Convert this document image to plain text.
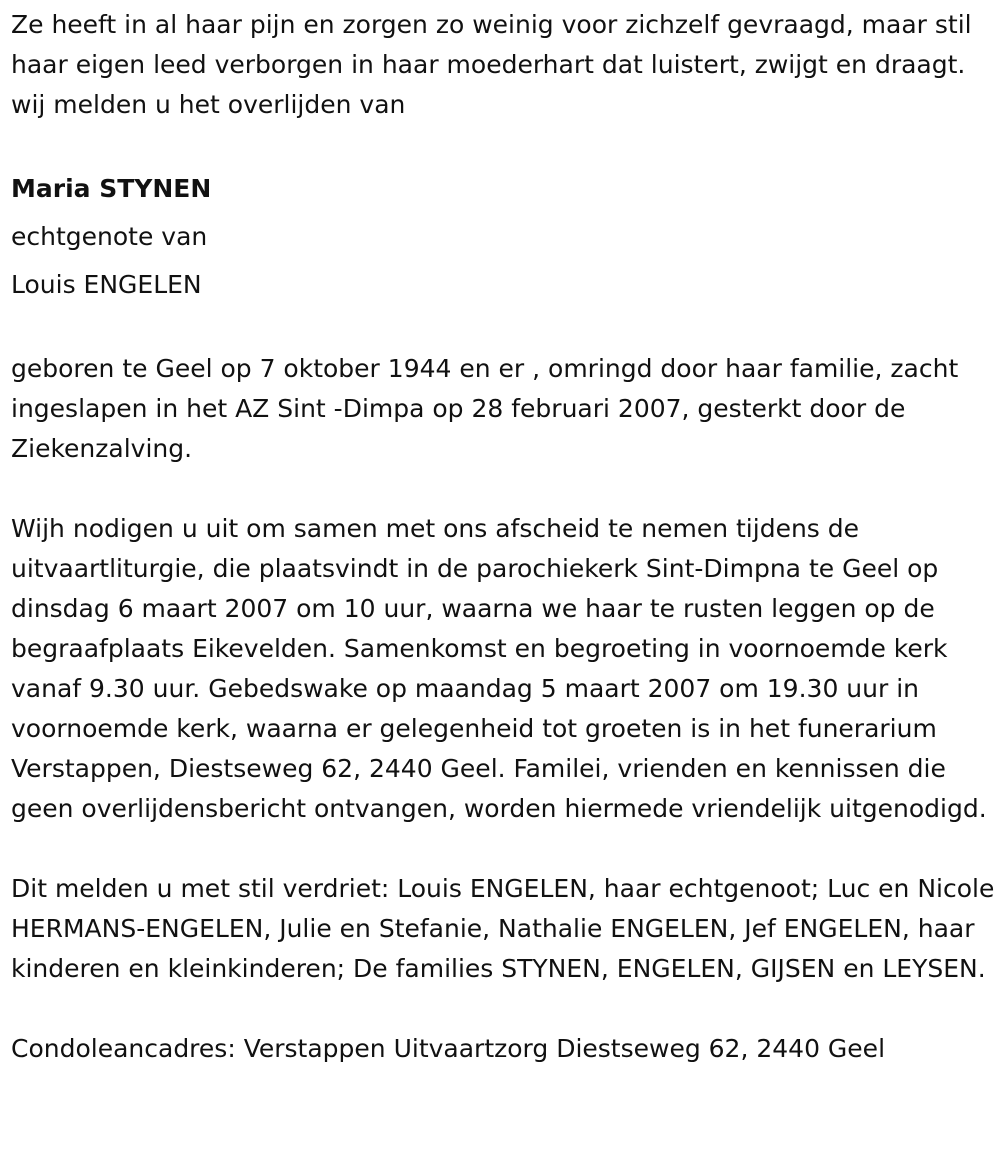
Ze heeft in al haar pijn en zorgen zo weinig voor zichzelf gevraagd, maar stil haar eigen leed verborgen in haar moederhart dat luistert, zwijgt en draagt. wij melden u het overlijden van

Maria STYNEN

echtgenote van

Louis ENGELEN

geboren te Geel op 7 oktober 1944 en er , omringd door haar familie, zacht ingeslapen in het AZ Sint -Dimpa op 28 februari 2007, gesterkt door de Ziekenzalving.

Wijh nodigen u uit om samen met ons afscheid te nemen tijdens de uitvaartliturgie, die plaatsvindt in de parochiekerk Sint-Dimpna te Geel op dinsdag 6 maart 2007 om 10 uur, waarna we haar te rusten leggen op de begraafplaats Eikevelden. Samenkomst en begroeting in voornoemde kerk vanaf 9.30 uur. Gebedswake op maandag 5 maart 2007 om 19.30 uur in voornoemde kerk, waarna er gelegenheid tot groeten is in het funerarium Verstappen, Diestseweg 62, 2440 Geel. Familei, vrienden en kennissen die geen overlijdensbericht ontvangen, worden hiermede vriendelijk uitgenodigd.

Dit melden u met stil verdriet: Louis ENGELEN, haar echtgenoot; Luc en Nicole HERMANS-ENGELEN, Julie en Stefanie, Nathalie ENGELEN, Jef ENGELEN, haar kinderen en kleinkinderen; De families STYNEN, ENGELEN, GIJSEN en LEYSEN.

Condoleancadres: Verstappen Uitvaartzorg Diestseweg 62, 2440 Geel
